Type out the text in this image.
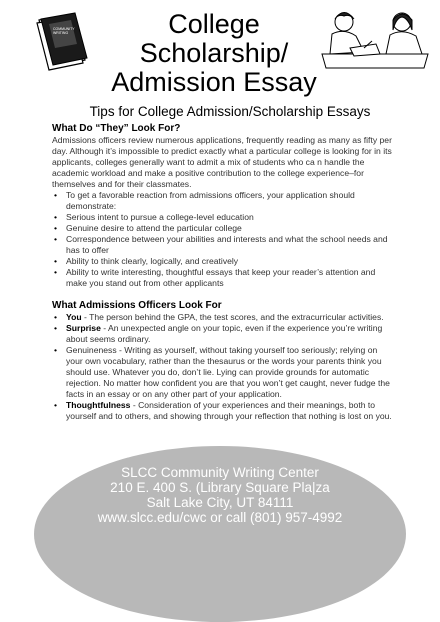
COMMUNITY
WRITING	College
Scholarship/
Admission Essay
Tips for College Admission/Scholarship Essays
What Do “They” Look For?

Admissions officers review numerous applications, frequently reading as many as fifty per day. Although it’s impossible to predict exactly what a particular college is looking for in its applicants, colleges generally want to admit a mix of students who ca n handle the academic workload and make a positive contribution to the college experience–for themselves and for their classmates.

• To get a favorable reaction from admissions officers, your application should demonstrate:
• Serious intent to pursue a college-level education
• Genuine desire to attend the particular college
• Correspondence between your abilities and interests and what the school needs and has to offer
• Ability to think clearly, logically, and creatively
• Ability to write interesting, thoughtful essays that keep your reader’s attention and make you stand out from other applicants
What Admissions Officers Look For
• You - The person behind the GPA, the test scores, and the extracurricular activities.
• Surprise - An unexpected angle on your topic, even if the experience you’re writing about seems ordinary.
• Genuineness - Writing as yourself, without taking yourself too seriously; relying on your own vocabulary, rather than the thesaurus or the words your parents think you should use. Whatever you do, don’t lie. Lying can provide grounds for automatic rejection. No matter how confident you are that you won’t get caught, never fudge the facts in an essay or on any other part of your application.
• Thoughtfulness - Consideration of your experiences and their meanings, both to yourself and to others, and showing through your reflection that nothing is lost on you.
SLCC Community Writing Center
210 E. 400 S. (Library Square Pla|za
Salt Lake City, UT 84111
www.slcc.edu/cwc or call (801) 957-4992
